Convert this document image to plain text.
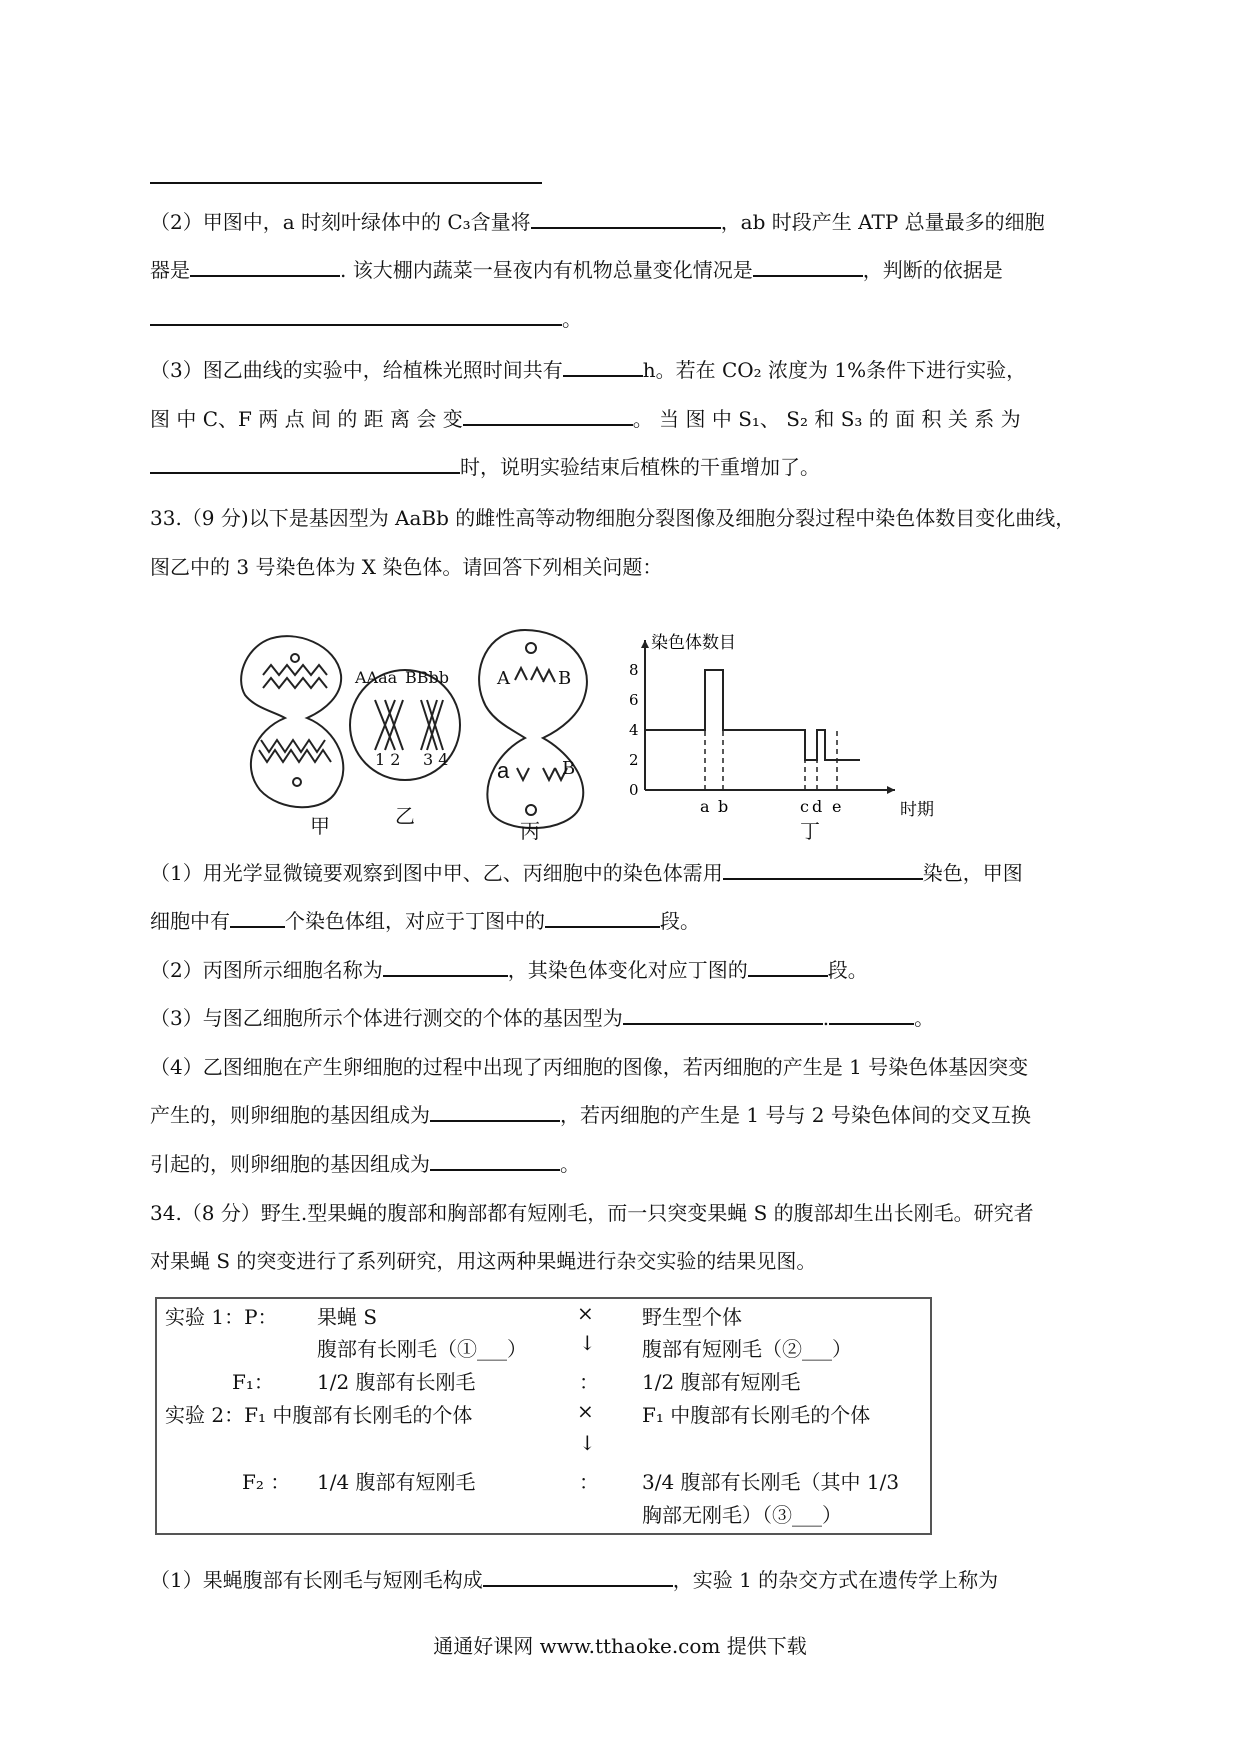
（2）甲图中，a 时刻叶绿体中的 C₃含量将	，ab 时段产生 ATP 总量最多的细胞
器是	. 该大棚内蔬菜一昼夜内有机物总量变化情况是	，判断的依据是
。
（3）图乙曲线的实验中，给植株光照时间共有	h。若在 CO₂ 浓度为 1%条件下进行实验，
图 中 C、F 两 点 间 的 距 离 会 变	。 当 图 中 S₁、 S₂ 和 S₃ 的 面 积 关 系 为
时，说明实验结束后植株的干重增加了。
33.（9 分)以下是基因型为 AaBb 的雌性高等动物细胞分裂图像及细胞分裂过程中染色体数目变化曲线，
图乙中的 3 号染色体为 X 染色体。请回答下列相关问题：
染色体数目
时期
8
6
4
2
0
a b	c d e
甲	乙
丙	丁
AAaa BBbb
1 2 3 4
A	B
a	B
（1）用光学显微镜要观察到图中甲、乙、丙细胞中的染色体需用	染色，甲图
细胞中有	个染色体组，对应于丁图中的	段。
（2）丙图所示细胞名称为	，其染色体变化对应丁图的	段。
（3）与图乙细胞所示个体进行测交的个体的基因型为	.	。
（4）乙图细胞在产生卵细胞的过程中出现了丙细胞的图像，若丙细胞的产生是 1 号染色体基因突变
产生的，则卵细胞的基因组成为	，若丙细胞的产生是 1 号与 2 号染色体间的交叉互换
引起的，则卵细胞的基因组成为	。
34.（8 分）野生.型果蝇的腹部和胸部都有短刚毛，而一只突变果蝇 S 的腹部却生出长刚毛。研究者
对果蝇 S 的突变进行了系列研究，用这两种果蝇进行杂交实验的结果见图。
实验 1：P： 果蝇 S	× 野生型个体
腹部有长刚毛（①___）	↓ 腹部有短刚毛（②___）
F₁： 1/2 腹部有长刚毛	： 1/2 腹部有短刚毛
实验 2：F₁ 中腹部有长刚毛的个体	× F₁ 中腹部有长刚毛的个体
↓
F₂ ： 1/4 腹部有短刚毛	： 3/4 腹部有长刚毛（其中 1/3
胸部无刚毛）（③___）
（1）果蝇腹部有长刚毛与短刚毛构成	，实验 1 的杂交方式在遗传学上称为
通通好课网 www.tthaoke.com 提供下载
